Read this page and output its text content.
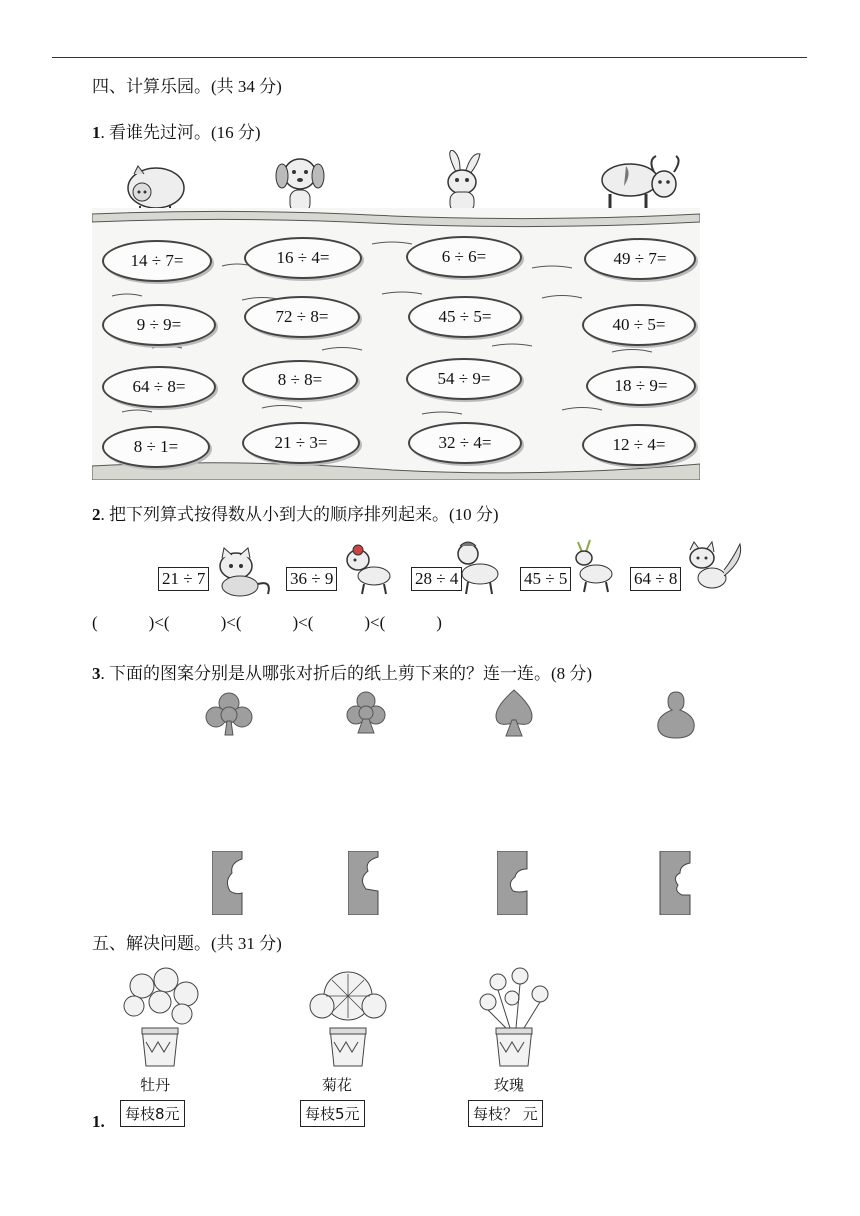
四、计算乐园。(共 34 分)
1. 看谁先过河。(16 分)
14 ÷ 7=	16 ÷ 4=	6 ÷ 6=	49 ÷ 7=
9 ÷ 9=	72 ÷ 8=	45 ÷ 5=	40 ÷ 5=
64 ÷ 8=	8 ÷ 8=	54 ÷ 9=	18 ÷ 9=
8 ÷ 1=	21 ÷ 3=	32 ÷ 4=	12 ÷ 4=
2. 把下列算式按得数从小到大的顺序排列起来。(10 分)
21 ÷ 7	36 ÷ 9	28 ÷ 4	45 ÷ 5	64 ÷ 8
(            )<(            )<(            )<(            )<(            )
3. 下面的图案分别是从哪张对折后的纸上剪下来的？连一连。(8 分)
五、解决问题。(共 31 分)
牡丹	菊花	玫瑰
1.	每枝8元	每枝5元	每枝？ 元
